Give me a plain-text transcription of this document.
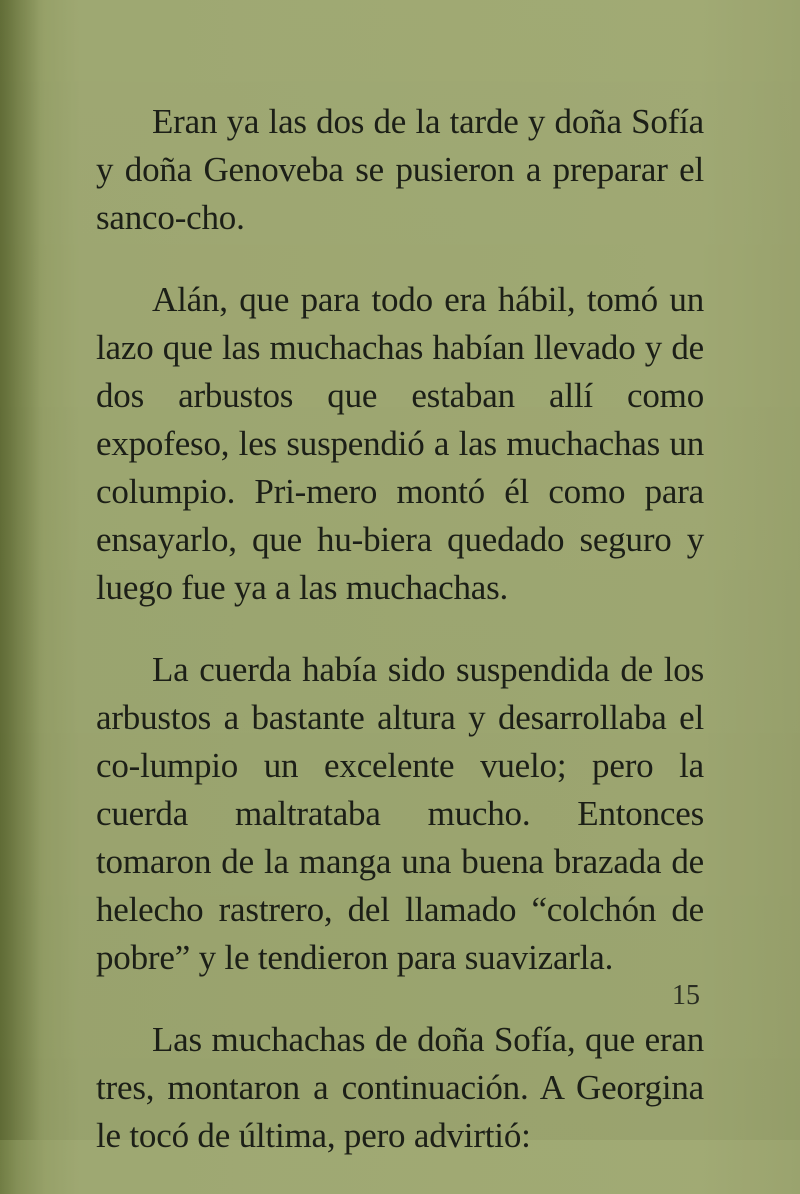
Eran ya las dos de la tarde y doña Sofía y doña Genoveba se pusieron a preparar el sanco-cho.

Alán, que para todo era hábil, tomó un lazo que las muchachas habían llevado y de dos arbustos que estaban allí como expofeso, les suspendió a las muchachas un columpio. Pri-mero montó él como para ensayarlo, que hu-biera quedado seguro y luego fue ya a las muchachas.

La cuerda había sido suspendida de los arbustos a bastante altura y desarrollaba el co-lumpio un excelente vuelo; pero la cuerda maltrataba mucho. Entonces tomaron de la manga una buena brazada de helecho rastrero, del llamado “colchón de pobre” y le tendieron para suavizarla.

Las muchachas de doña Sofía, que eran tres, montaron a continuación. A Georgina le tocó de última, pero advirtió:

15
